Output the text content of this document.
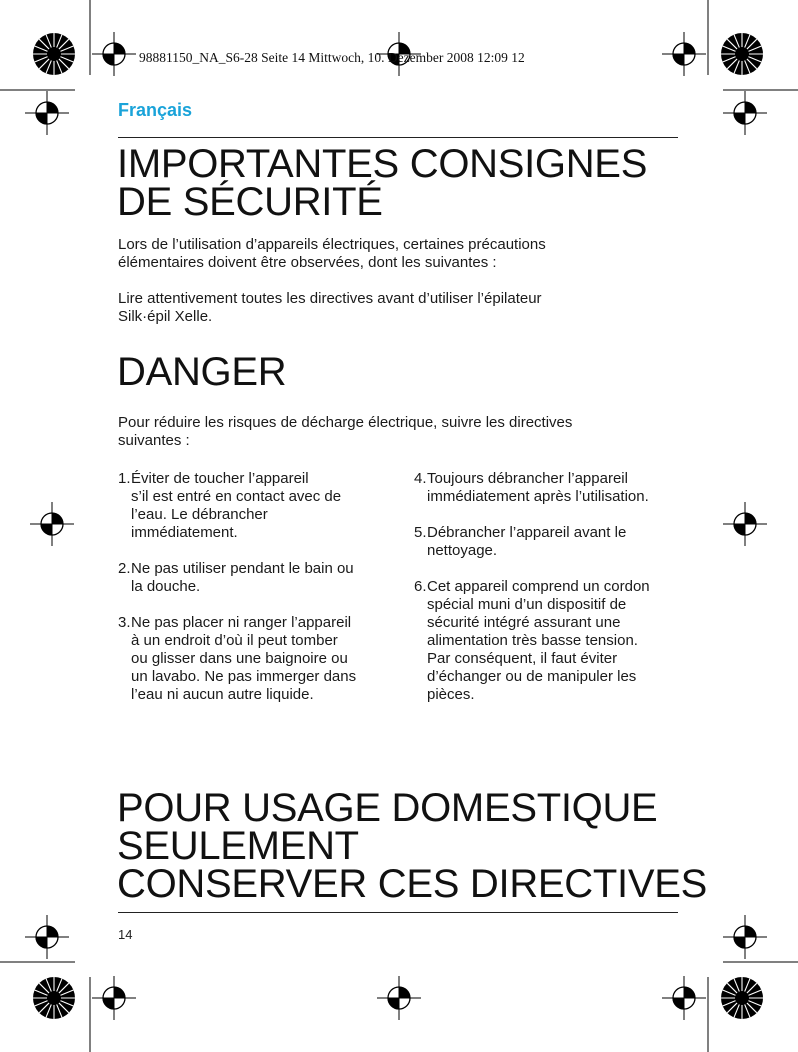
98881150_NA_S6-28 Seite 14 Mittwoch, 10. Dezember 2008 12:09 12
Français
IMPORTANTES CONSIGNES
DE SÉCURITÉ

Lors de l’utilisation d’appareils électriques, certaines précautions
élémentaires doivent être observées, dont les suivantes :

Lire attentivement toutes les directives avant d’utiliser l’épilateur
Silk·épil Xelle.

DANGER

Pour réduire les risques de décharge électrique, suivre les directives
suivantes :

1. Éviter de toucher l’appareil
s’il est entré en contact avec de
l’eau. Le débrancher
immédiatement.
2. Ne pas utiliser pendant le bain ou
la douche.
3. Ne pas placer ni ranger l’appareil
à un endroit d’où il peut tomber
ou glisser dans une baignoire ou
un lavabo. Ne pas immerger dans
l’eau ni aucun autre liquide.
4. Toujours débrancher l’appareil
immédiatement après l’utilisation.
5. Débrancher l’appareil avant le
nettoyage.
6. Cet appareil comprend un cordon
spécial muni d’un dispositif de
sécurité intégré assurant une
alimentation très basse tension.
Par conséquent, il faut éviter
d’échanger ou de manipuler les
pièces.
POUR USAGE DOMESTIQUE
SEULEMENT
CONSERVER CES DIRECTIVES
14
